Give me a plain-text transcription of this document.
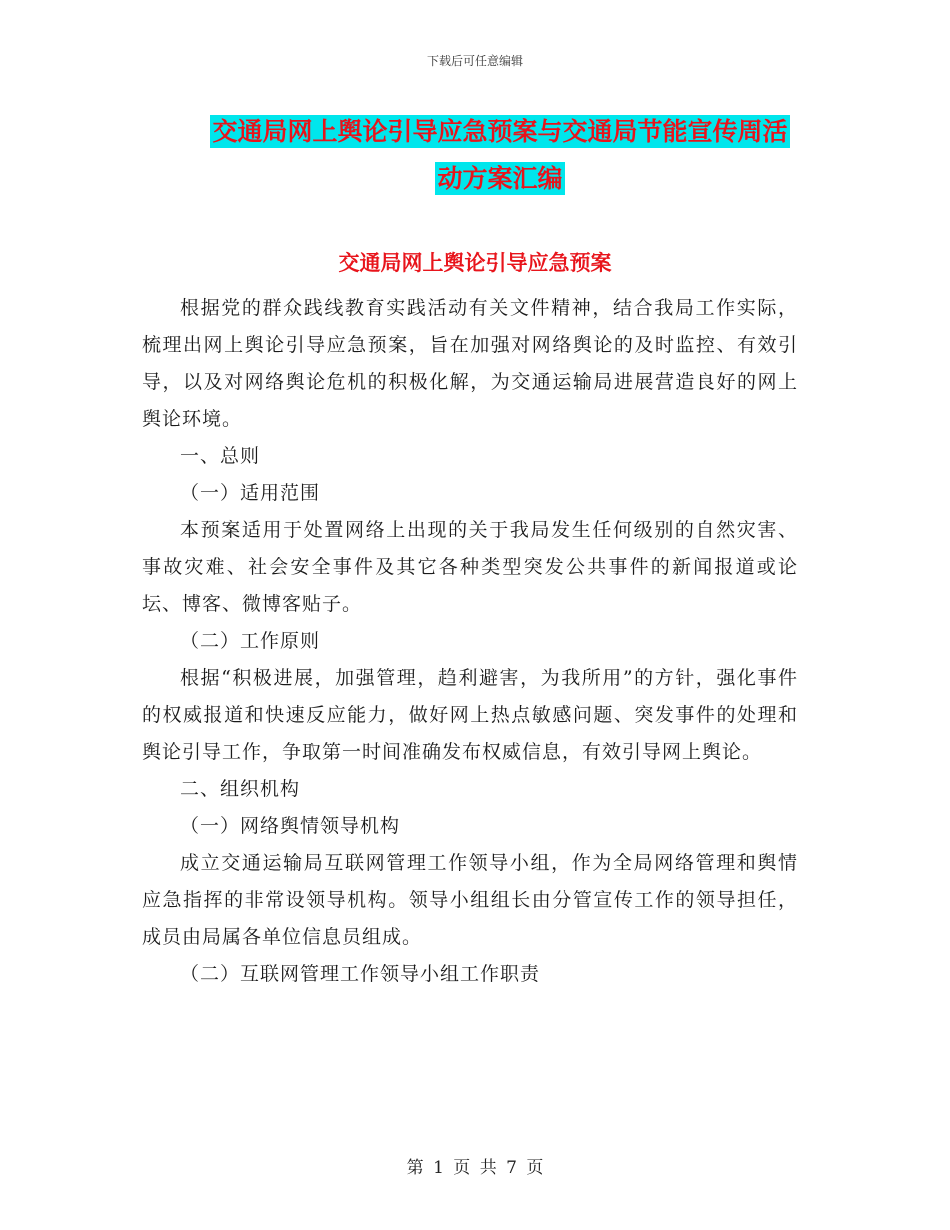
下载后可任意编辑
交通局网上舆论引导应急预案与交通局节能宣传周活
动方案汇编
交通局网上舆论引导应急预案

根据党的群众践线教育实践活动有关文件精神，结合我局工作实际，梳理出网上舆论引导应急预案，旨在加强对网络舆论的及时监控、有效引导，以及对网络舆论危机的积极化解，为交通运输局进展营造良好的网上舆论环境。

一、总则

（一）适用范围

本预案适用于处置网络上出现的关于我局发生任何级别的自然灾害、事故灾难、社会安全事件及其它各种类型突发公共事件的新闻报道或论坛、博客、微博客贴子。

（二）工作原则

根据“积极进展，加强管理，趋利避害，为我所用”的方针，强化事件的权威报道和快速反应能力，做好网上热点敏感问题、突发事件的处理和舆论引导工作，争取第一时间准确发布权威信息，有效引导网上舆论。

二、组织机构

（一）网络舆情领导机构

成立交通运输局互联网管理工作领导小组，作为全局网络管理和舆情应急指挥的非常设领导机构。领导小组组长由分管宣传工作的领导担任，成员由局属各单位信息员组成。

（二）互联网管理工作领导小组工作职责

第 1 页 共 7 页
